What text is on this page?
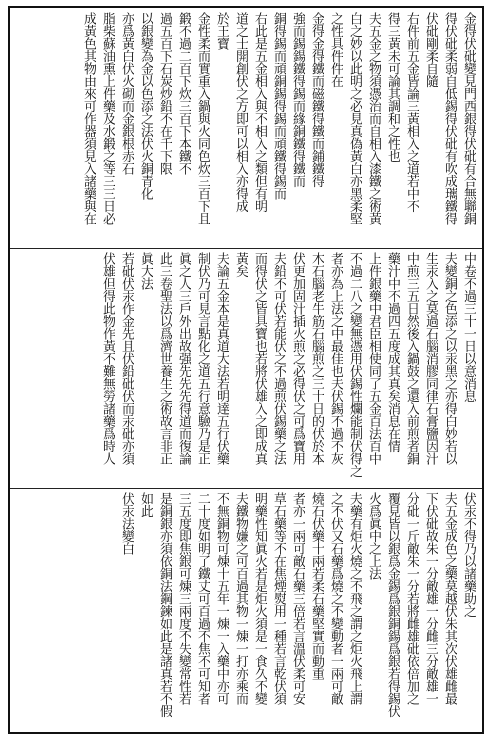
金得伏砒變見門西銀得伏砒有合無聯銅
得伏砒柔弱自低錫得伏砒有吹成㼇鐵得
伏砒剛柔自隨
右件前五金皆論三黃相入之道若中不
得三黃未可論其調和之性也
夫五金之物須憑治而自相入漆鐵之術黃
白之妙以此明之必見真偽黃白亦黑柔堅
之性具件件在
金得金得鐵而磁鐵得鐵而鋪鐵得
強而錫鍚鐵得錫而緣銅鐵得鐵而
銅得錫而頑銅錫得錫而頑鐵得錫而
右此是五金相入與不相入之類但有明
道之士開創伏之方即可以相入亦得成
於王寶
金性柔而實重入鍋與火同色炊三百下且
鍛不過二百下炊三百下本鐵不
過五百下石炭炒鉛不在千下限
以銀變為金以色添之法伏火銅青化
亦爲黃白伏火砌而金銀根赤石
脂柴蘇油熏上件藥及水鍛之等三三日必
成黃色其物由來可作器須見入諸藥與在
中卷不過三十一日以意消息
夫變銅之色添之以汞黑之亦得白妙若以
生汞入之莫過石腦消膠同律石膏鹽因汁
中煎三五日然後入鍋鼓之還入前煎者銅
藥汁中不過四五度成其真矣消息在情
上件銀藥中君臣相使同了五金百法百中
不過二八之變無憑用伏錫性爛能制伏得之
者亦為上法之中最佳也夫伏錫不過不灰
木石腦老牛筋石腦煎之三十日的伏於本
伏更加固汁插火煎之必得伏之可爲寶用
夫鉛不可伏若能伏之不過煎伏錫藥之法
而得伏之皆具寶也若將伏雄入之即成真
黃矣
夫論五金本是真道大法若明達五行伏藥
制伏乃可見言點化之道五行意驗乃是正
眞之人三戶外出故强先先先得道而復論
此三卷聖法以爲濟世養生之術故言非正
眞大法
若砒伏汞作金先且伏鉛砒伏而汞砒亦須
伏雄但得此物作黃不難無勞諸藥爲時人
伏汞不得乃以諸藥助之
夫五金成色之藥莫越伏朱其次伏雄雌最
下伏砒故朱一分敵雄一分雌三分敵雄一
分砒一斤敵朱一分若將雌雄砒依倍加之
覆見皆以銀爲金錫爲銀銅鍚爲銀若得錫伏
火爲眞中之上法
夫藥有炬火燒之不飛之謂之炬火飛上謂
之不伏又石藥爲燒之不變動者一兩可敵
燒石伏藥十兩若柔石藥堅實而動重
者亦一兩可敵石藥三倍若言溫伏柔可安
草石藥等不在焦煙熨用一種若言乾伏須
明藥性知眞火若是炬火須是一食久不變
夫鐵物嫌之可百過其物一煉一打亦乘而
不無銅物可煉十五年一煉一入藥中亦可
二十度如明了鐵丈可百過不焦不可知者
三五度即焦銀可煉三兩度不失變常性若
是銅銀亦須依銅法鋼鍊如此是諸真若不假
如此
伏汞法變白
